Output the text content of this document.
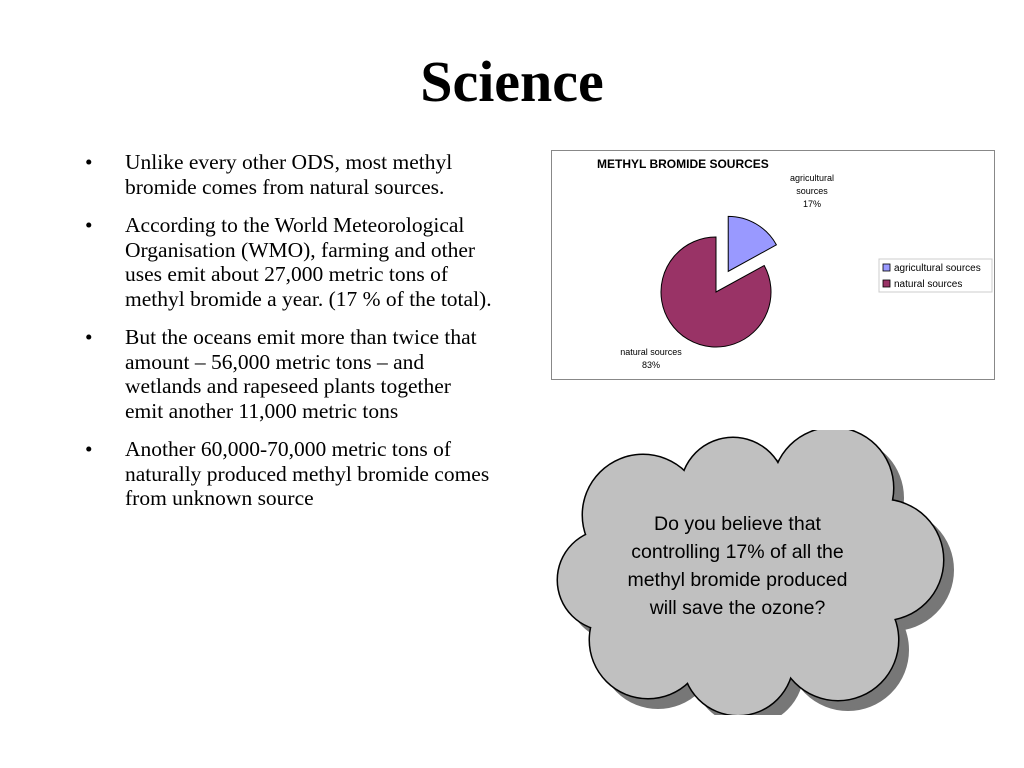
Science
• Unlike every other ODS, most methyl bromide comes from natural sources.
• According to the World Meteorological Organisation (WMO), farming and other uses emit about 27,000 metric tons of methyl bromide a year. (17 % of the total).
• But the oceans emit more than twice that amount – 56,000 metric tons – and wetlands and rapeseed plants together emit another 11,000 metric tons
• Another 60,000-70,000 metric tons of naturally produced methyl bromide comes from unknown source
METHYL BROMIDE SOURCES
agricultural
sources
17%
natural sources
83%
agricultural sources
natural sources
Do you believe that controlling 17% of all the methyl bromide produced will save the ozone?
